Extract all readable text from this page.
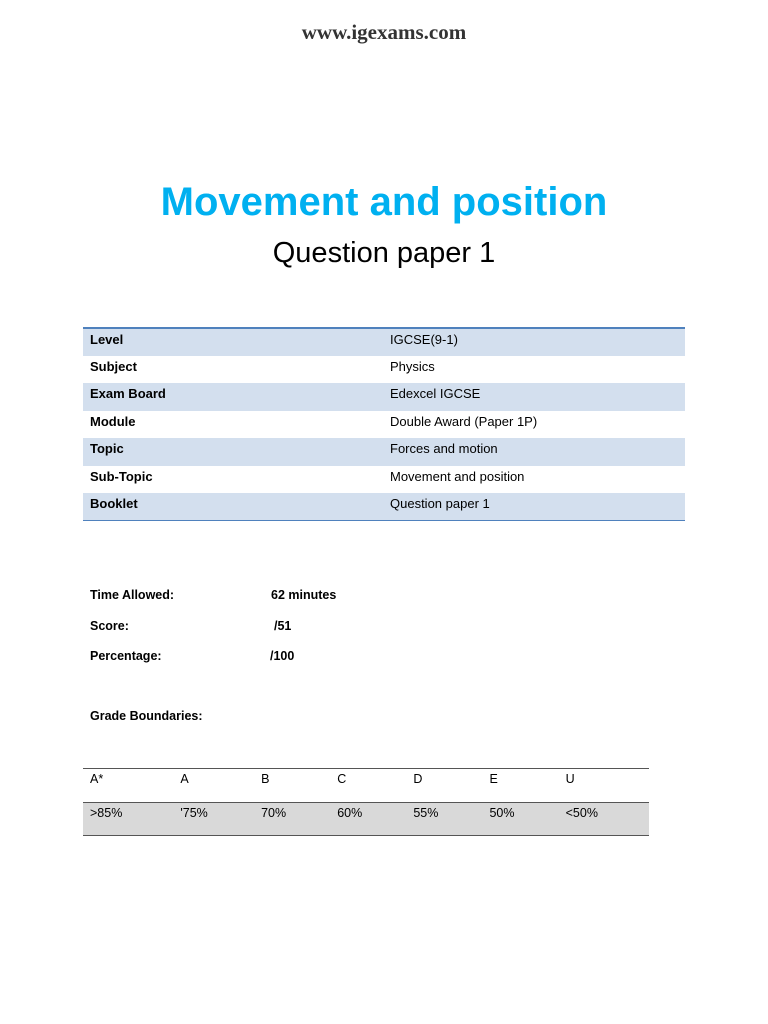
www.igexams.com
Movement and position
Question paper 1
Level	IGCSE(9-1)
Subject	Physics
Exam Board	Edexcel IGCSE
Module	Double Award (Paper 1P)
Topic	Forces and motion
Sub-Topic	Movement and position
Booklet	Question paper 1
Time Allowed:	62 minutes
Score:	/51
Percentage:	/100
Grade Boundaries:
A*	A	B	C	D	E	U
>85%	'75%	70%	60%	55%	50%	<50%
